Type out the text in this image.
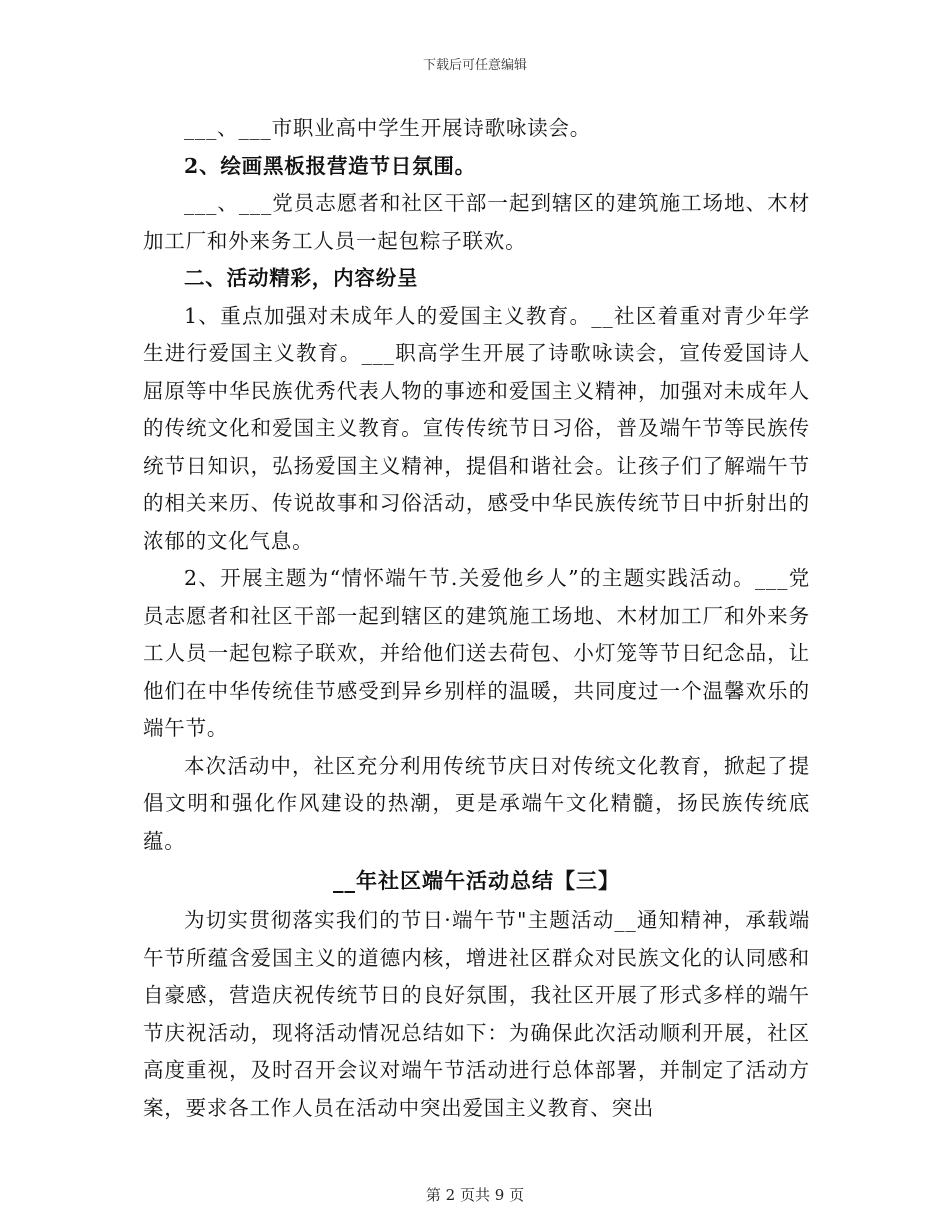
下载后可任意编辑

___、___市职业高中学生开展诗歌咏读会。

2、绘画黑板报营造节日氛围。

___、___党员志愿者和社区干部一起到辖区的建筑施工场地、木材加工厂和外来务工人员一起包粽子联欢。

二、活动精彩，内容纷呈

1、重点加强对未成年人的爱国主义教育。__社区着重对青少年学生进行爱国主义教育。___职高学生开展了诗歌咏读会，宣传爱国诗人屈原等中华民族优秀代表人物的事迹和爱国主义精神，加强对未成年人的传统文化和爱国主义教育。宣传传统节日习俗，普及端午节等民族传统节日知识，弘扬爱国主义精神，提倡和谐社会。让孩子们了解端午节的相关来历、传说故事和习俗活动，感受中华民族传统节日中折射出的浓郁的文化气息。

2、开展主题为“情怀端午节.关爱他乡人”的主题实践活动。___党员志愿者和社区干部一起到辖区的建筑施工场地、木材加工厂和外来务工人员一起包粽子联欢，并给他们送去荷包、小灯笼等节日纪念品，让他们在中华传统佳节感受到异乡别样的温暖，共同度过一个温馨欢乐的端午节。

本次活动中，社区充分利用传统节庆日对传统文化教育，掀起了提倡文明和强化作风建设的热潮，更是承端午文化精髓，扬民族传统底蕴。

__年社区端午活动总结【三】

为切实贯彻落实我们的节日·端午节"主题活动__通知精神，承载端午节所蕴含爱国主义的道德内核，增进社区群众对民族文化的认同感和自豪感，营造庆祝传统节日的良好氛围，我社区开展了形式多样的端午节庆祝活动，现将活动情况总结如下：为确保此次活动顺利开展，社区高度重视，及时召开会议对端午节活动进行总体部署，并制定了活动方案，要求各工作人员在活动中突出爱国主义教育、突出

第 2 页共 9 页
